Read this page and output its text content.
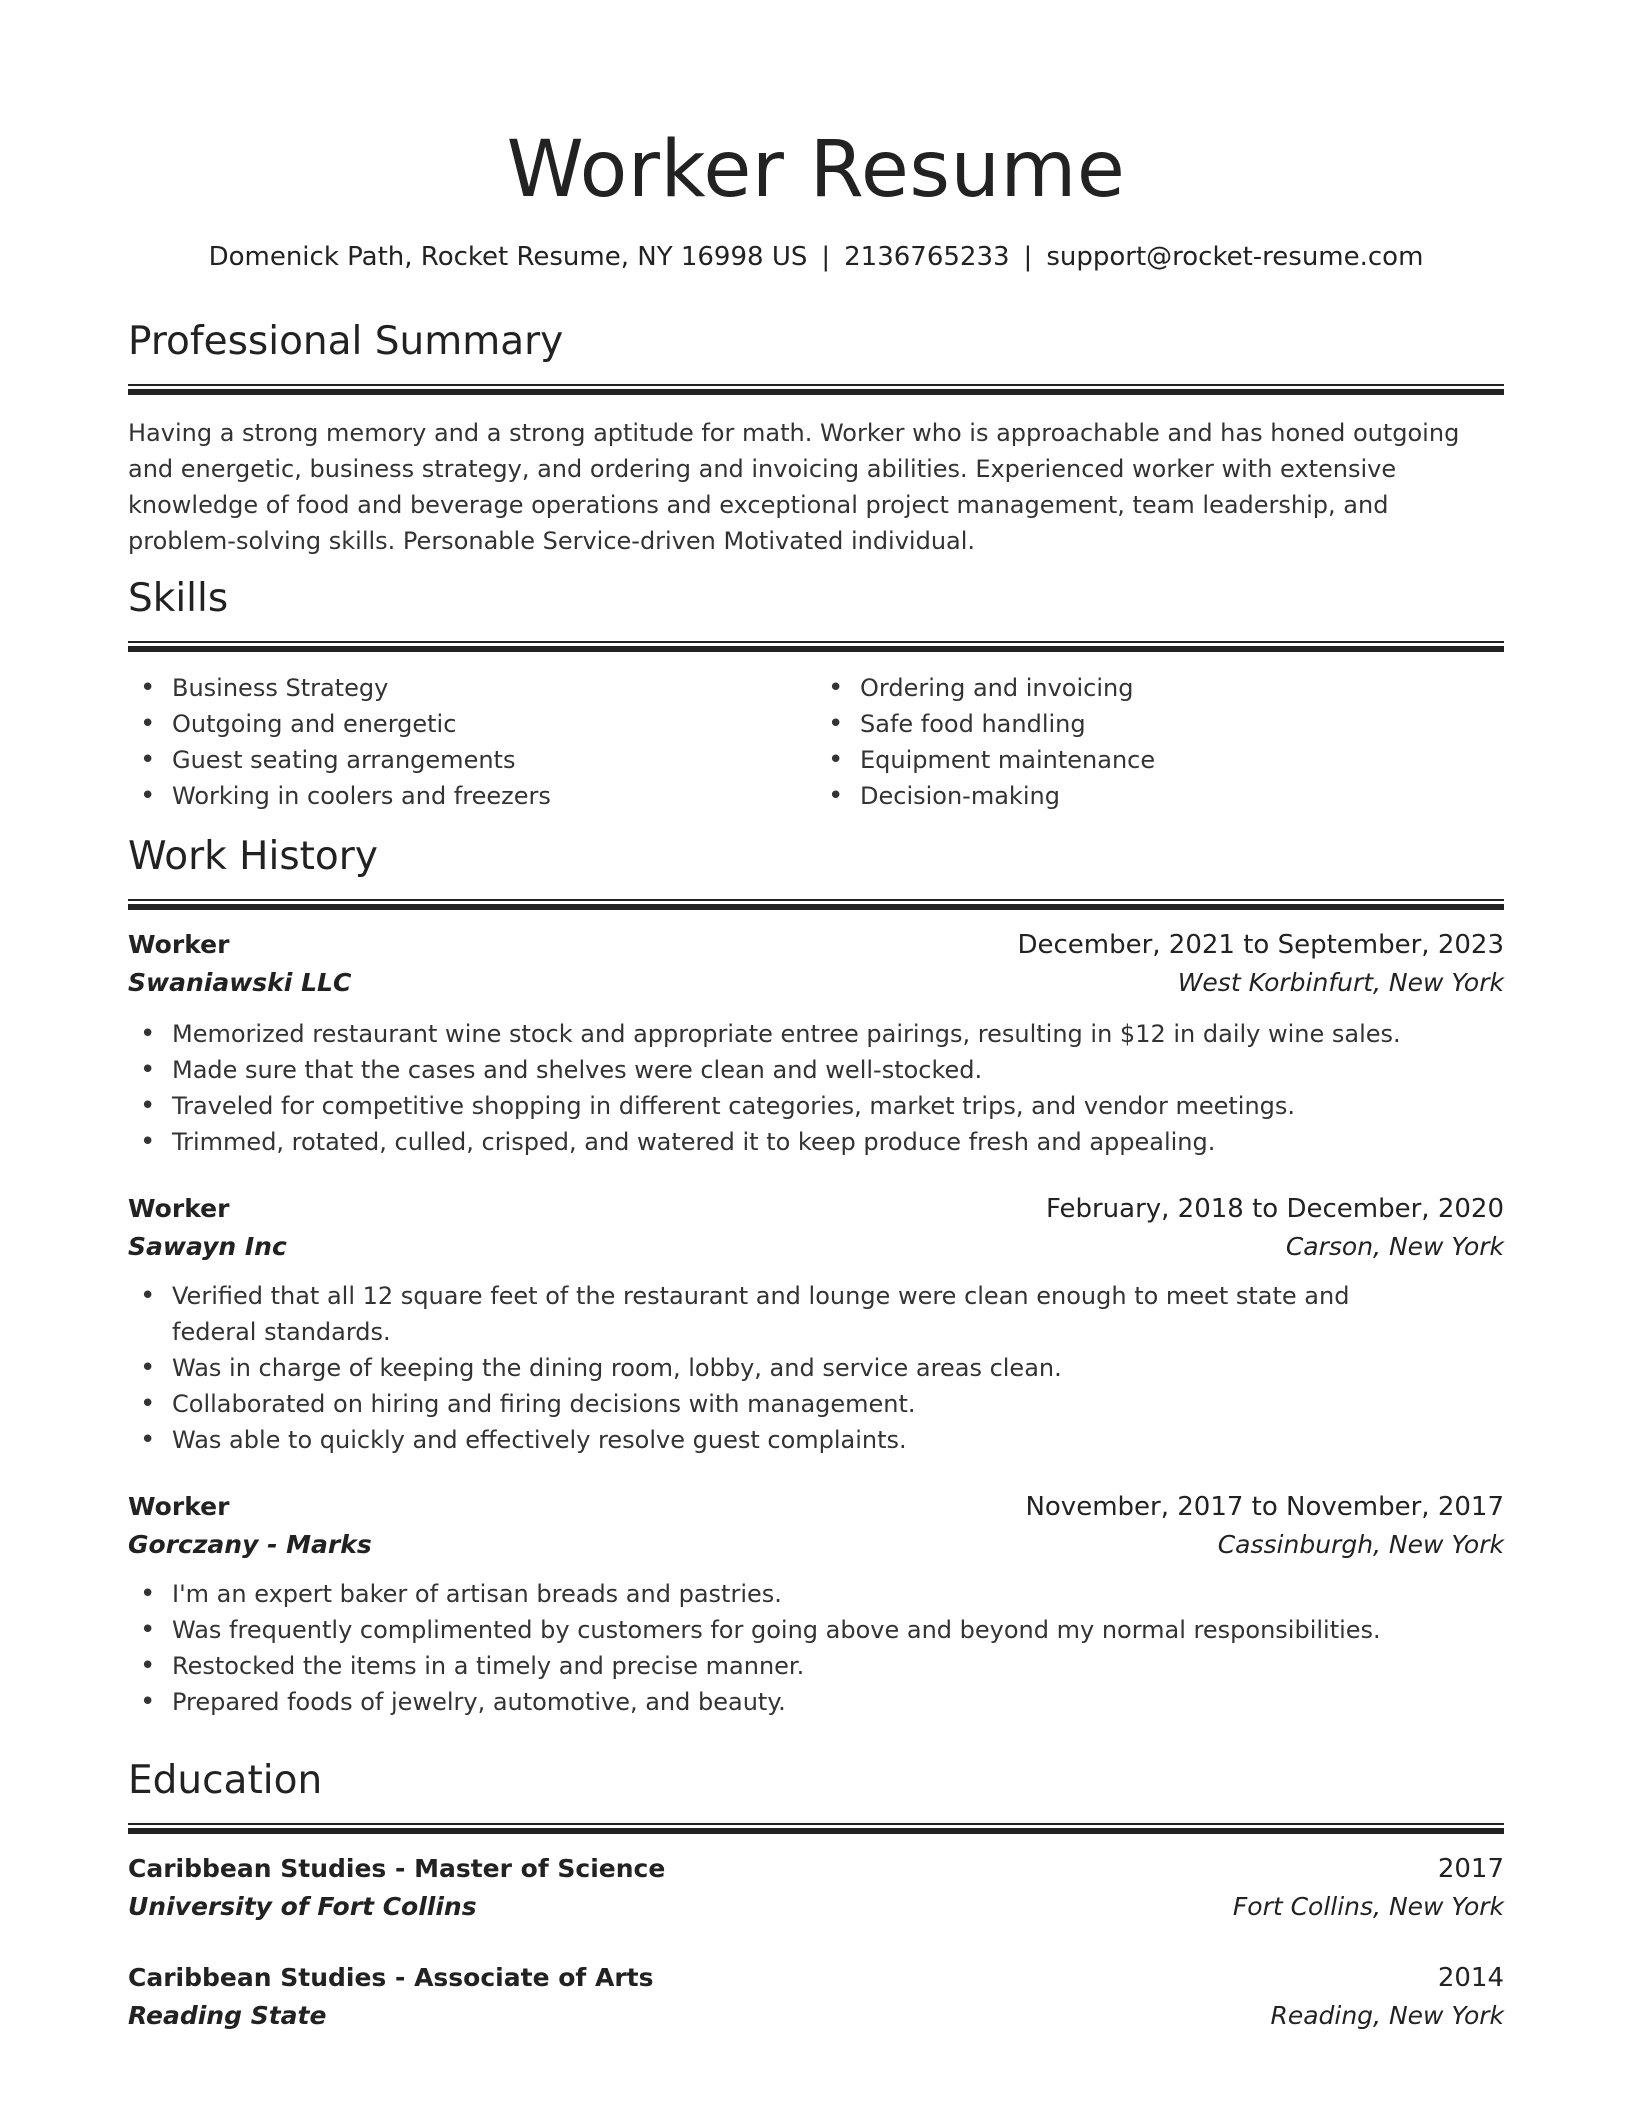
Worker Resume
Domenick Path, Rocket Resume, NY 16998 US | 2136765233 | support@rocket-resume.com
Professional Summary

Having a strong memory and a strong aptitude for math. Worker who is approachable and has honed outgoing and energetic, business strategy, and ordering and invoicing abilities. Experienced worker with extensive knowledge of food and beverage operations and exceptional project management, team leadership, and problem-solving skills. Personable Service-driven Motivated individual.

Skills
• Business Strategy
• Outgoing and energetic
• Guest seating arrangements
• Working in coolers and freezers
• Ordering and invoicing
• Safe food handling
• Equipment maintenance
• Decision-making
Work History
Worker	December, 2021 to September, 2023
Swaniawski LLC	West Korbinfurt, New York
• Memorized restaurant wine stock and appropriate entree pairings, resulting in $12 in daily wine sales.
• Made sure that the cases and shelves were clean and well-stocked.
• Traveled for competitive shopping in different categories, market trips, and vendor meetings.
• Trimmed, rotated, culled, crisped, and watered it to keep produce fresh and appealing.
Worker	February, 2018 to December, 2020
Sawayn Inc	Carson, New York
• Verified that all 12 square feet of the restaurant and lounge were clean enough to meet state and federal standards.
• Was in charge of keeping the dining room, lobby, and service areas clean.
• Collaborated on hiring and firing decisions with management.
• Was able to quickly and effectively resolve guest complaints.
Worker	November, 2017 to November, 2017
Gorczany - Marks	Cassinburgh, New York
• I'm an expert baker of artisan breads and pastries.
• Was frequently complimented by customers for going above and beyond my normal responsibilities.
• Restocked the items in a timely and precise manner.
• Prepared foods of jewelry, automotive, and beauty.
Education
Caribbean Studies - Master of Science	2017
University of Fort Collins	Fort Collins, New York
Caribbean Studies - Associate of Arts	2014
Reading State	Reading, New York
